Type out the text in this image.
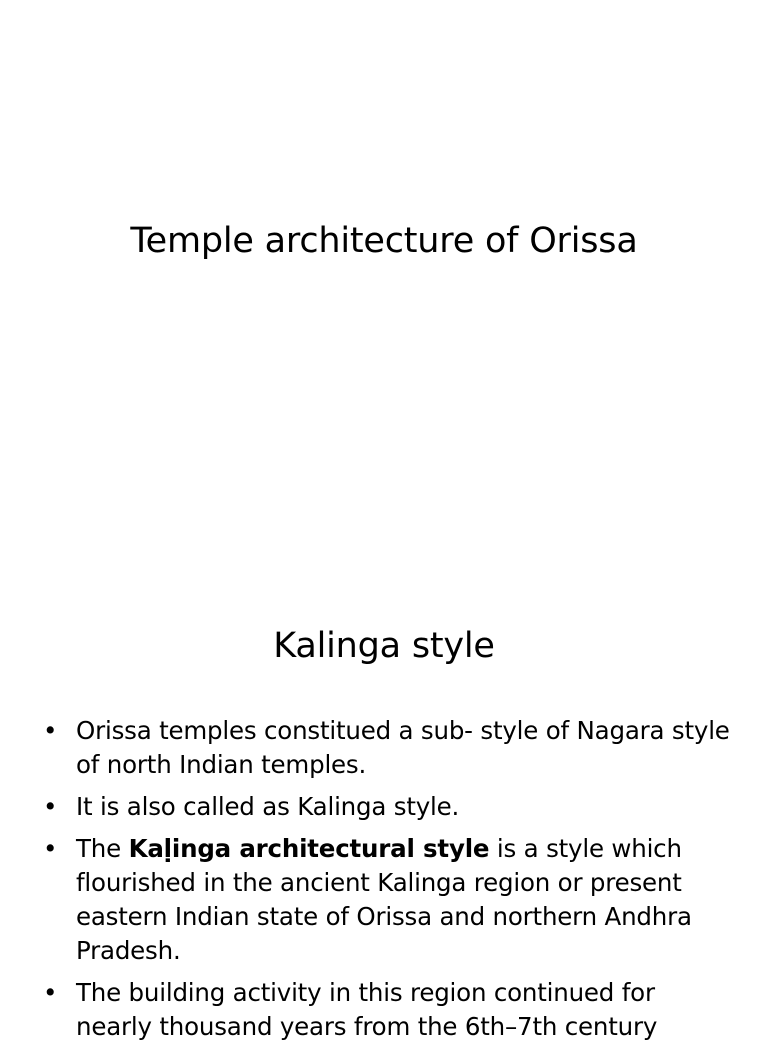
Temple architecture of Orissa
Kalinga style
• Orissa temples constitued a sub- style of Nagara style of north Indian temples.
• It is also called as Kalinga style.
• The Kaḷinga architectural style is a style which flourished in the ancient Kalinga region or present eastern Indian state of Orissa and northern Andhra Pradesh.
• The building activity in this region continued for nearly thousand years from the 6th–7th century
